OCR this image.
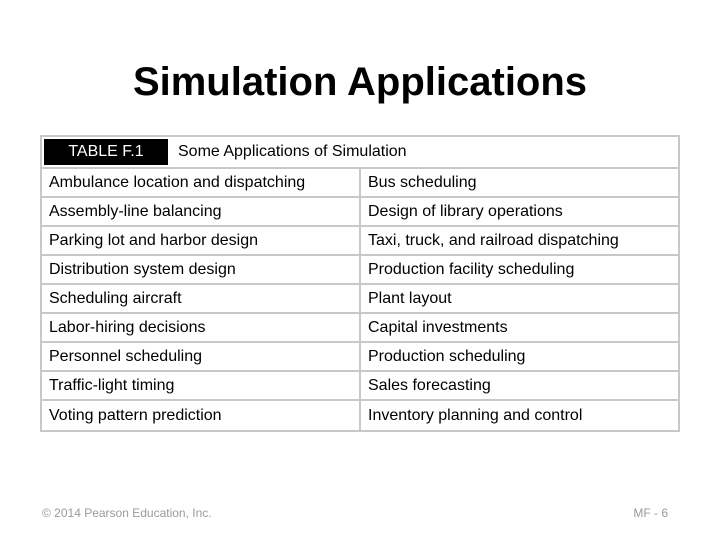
Simulation Applications
TABLE F.1	Some Applications of Simulation
Ambulance location and dispatching	Bus scheduling
Assembly-line balancing	Design of library operations
Parking lot and harbor design	Taxi, truck, and railroad dispatching
Distribution system design	Production facility scheduling
Scheduling aircraft	Plant layout
Labor-hiring decisions	Capital investments
Personnel scheduling	Production scheduling
Traffic-light timing	Sales forecasting
Voting pattern prediction	Inventory planning and control
© 2014 Pearson Education, Inc.	MF - 6
